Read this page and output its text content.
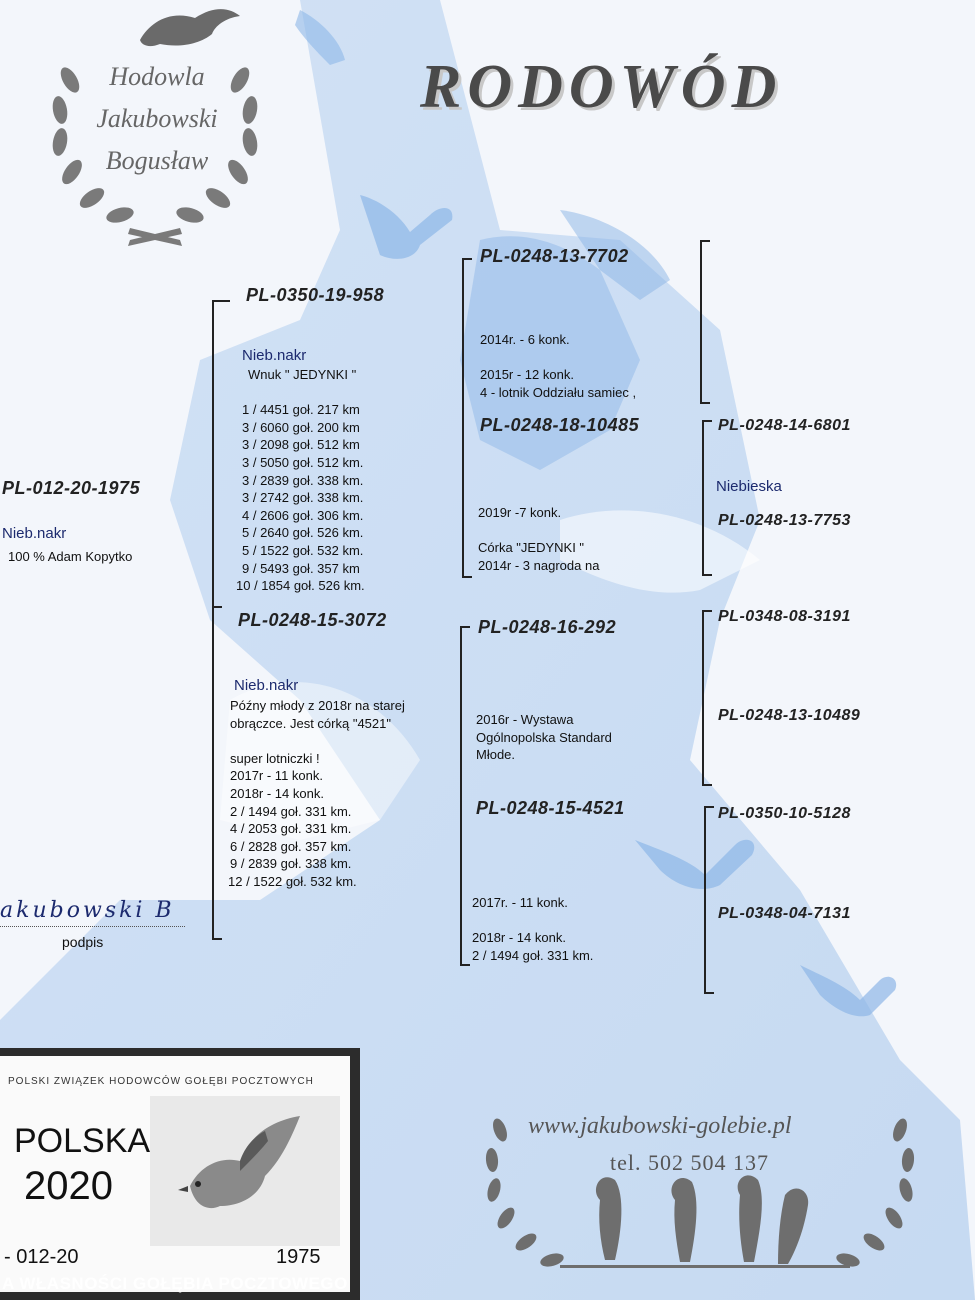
Hodowla
Jakubowski
Bogusław
RODOWÓD
PL-012-20-1975
Nieb.nakr
100 % Adam Kopytko
PL-0350-19-958
Nieb.nakr
Wnuk " JEDYNKI "
1 / 4451 goł. 217 km
3 / 6060 goł. 200 km
3 / 2098 goł. 512 km
3 / 5050 goł. 512 km.
3 / 2839 goł. 338 km.
3 / 2742 goł. 338 km.
4 / 2606 goł. 306 km.
5 / 2640 goł. 526 km.
5 / 1522 goł. 532 km.
9 / 5493 goł. 357 km
10 / 1854 goł. 526 km.
PL-0248-15-3072
Nieb.nakr
Późny młody z 2018r na starej
obrączce. Jest córką "4521"
super lotniczki !
2017r - 11 konk.
2018r - 14 konk.
2 / 1494 goł. 331 km.
4 / 2053 goł. 331 km.
6 / 2828 goł. 357 km.
9 / 2839 goł. 338 km.
12 / 1522 goł. 532 km.
PL-0248-13-7702
2014r. - 6 konk.
2015r - 12 konk.
4 - lotnik Oddziału samiec ,
PL-0248-18-10485
2019r -7 konk.
Córka "JEDYNKI "
2014r - 3 nagroda na
PL-0248-16-292
2016r - Wystawa
Ogólnopolska Standard
Młode.
PL-0248-15-4521
2017r. - 11 konk.
2018r - 14 konk.
2 / 1494 goł. 331 km.
PL-0248-14-6801
Niebieska
PL-0248-13-7753
PL-0348-08-3191
PL-0248-13-10489
PL-0350-10-5128
PL-0348-04-7131
akubowski B
podpis
www.jakubowski-golebie.pl
tel. 502 504 137
POLSKI ZWIĄZEK HODOWCÓW GOŁĘBI POCZTOWYCH
POLSKA
2020
- 012-20	1975
A WŁASNOŚCI GOŁĘBIA POCZTOWEGO
